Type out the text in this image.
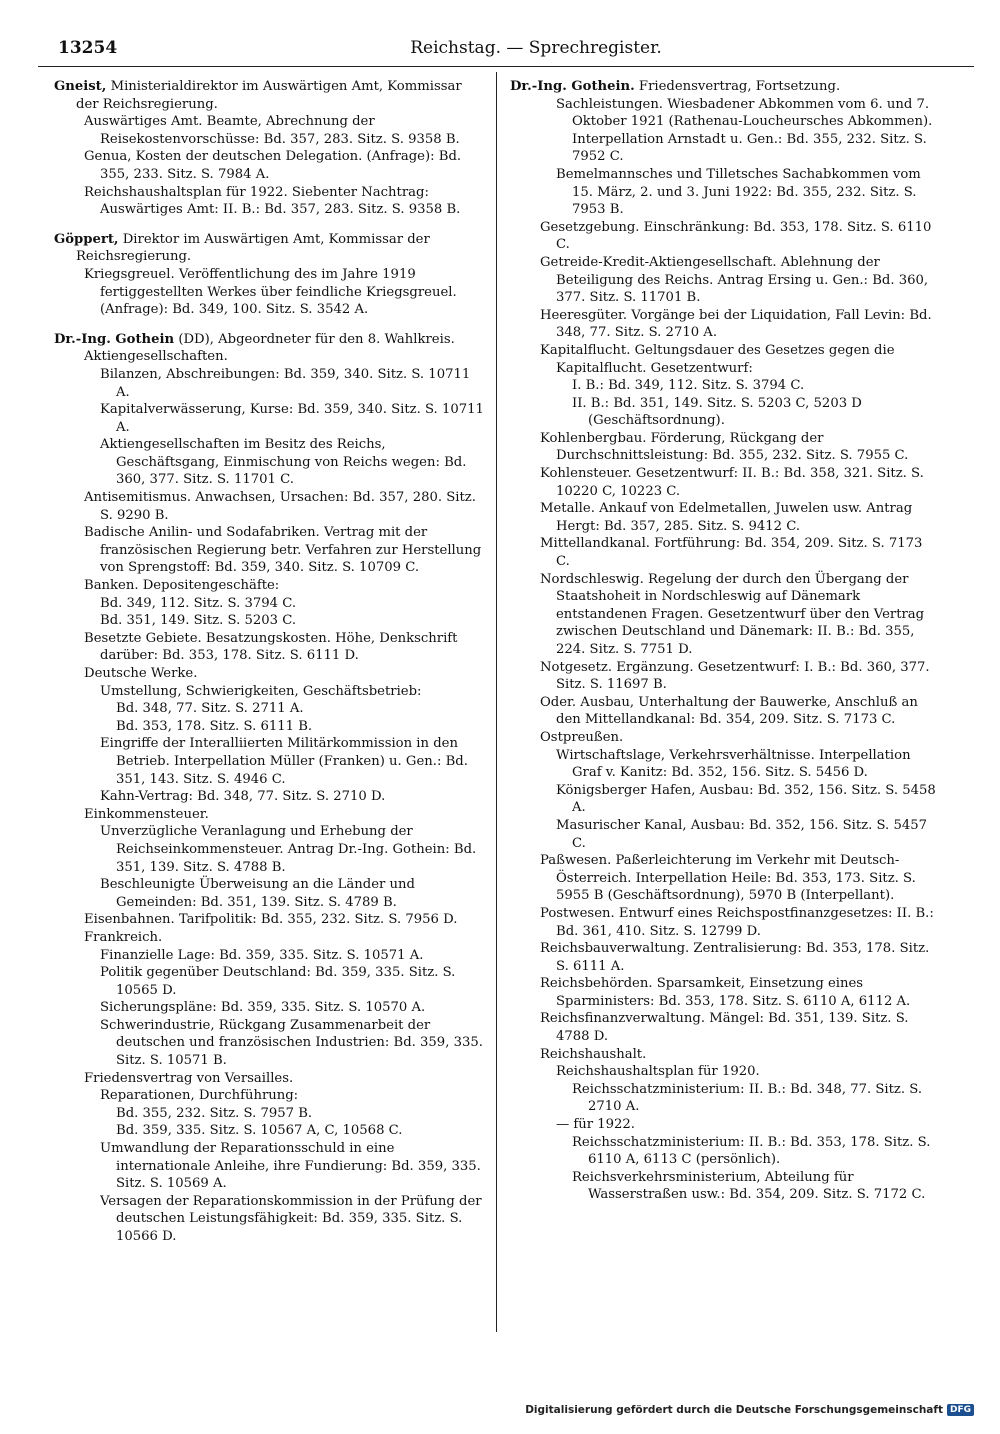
13254	Reichstag. — Sprechregister.

Gneist, Ministerialdirektor im Auswärtigen Amt, Kommissar der Reichsregierung.

Auswärtiges Amt. Beamte, Abrechnung der Reisekostenvorschüsse: Bd. 357, 283. Sitz. S. 9358 B.

Genua, Kosten der deutschen Delegation. (Anfrage): Bd. 355, 233. Sitz. S. 7984 A.

Reichshaushaltsplan für 1922. Siebenter Nachtrag: Auswärtiges Amt: II. B.: Bd. 357, 283. Sitz. S. 9358 B.

Göppert, Direktor im Auswärtigen Amt, Kommissar der Reichsregierung.

Kriegsgreuel. Veröffentlichung des im Jahre 1919 fertiggestellten Werkes über feindliche Kriegsgreuel. (Anfrage): Bd. 349, 100. Sitz. S. 3542 A.

Dr.-Ing. Gothein (DD), Abgeordneter für den 8. Wahlkreis.

Aktiengesellschaften.

Bilanzen, Abschreibungen: Bd. 359, 340. Sitz. S. 10711 A.

Kapitalverwässerung, Kurse: Bd. 359, 340. Sitz. S. 10711 A.

Aktiengesellschaften im Besitz des Reichs, Geschäftsgang, Einmischung von Reichs wegen: Bd. 360, 377. Sitz. S. 11701 C.

Antisemitismus. Anwachsen, Ursachen: Bd. 357, 280. Sitz. S. 9290 B.

Badische Anilin- und Sodafabriken. Vertrag mit der französischen Regierung betr. Verfahren zur Herstellung von Sprengstoff: Bd. 359, 340. Sitz. S. 10709 C.

Banken. Depositengeschäfte:

Bd. 349, 112. Sitz. S. 3794 C.

Bd. 351, 149. Sitz. S. 5203 C.

Besetzte Gebiete. Besatzungskosten. Höhe, Denkschrift darüber: Bd. 353, 178. Sitz. S. 6111 D.

Deutsche Werke.

Umstellung, Schwierigkeiten, Geschäftsbetrieb:

Bd. 348, 77. Sitz. S. 2711 A.

Bd. 353, 178. Sitz. S. 6111 B.

Eingriffe der Interalliierten Militärkommission in den Betrieb. Interpellation Müller (Franken) u. Gen.: Bd. 351, 143. Sitz. S. 4946 C.

Kahn-Vertrag: Bd. 348, 77. Sitz. S. 2710 D.

Einkommensteuer.

Unverzügliche Veranlagung und Erhebung der Reichseinkommensteuer. Antrag Dr.-Ing. Gothein: Bd. 351, 139. Sitz. S. 4788 B.

Beschleunigte Überweisung an die Länder und Gemeinden: Bd. 351, 139. Sitz. S. 4789 B.

Eisenbahnen. Tarifpolitik: Bd. 355, 232. Sitz. S. 7956 D.

Frankreich.

Finanzielle Lage: Bd. 359, 335. Sitz. S. 10571 A.

Politik gegenüber Deutschland: Bd. 359, 335. Sitz. S. 10565 D.

Sicherungspläne: Bd. 359, 335. Sitz. S. 10570 A.

Schwerindustrie, Rückgang Zusammenarbeit der deutschen und französischen Industrien: Bd. 359, 335. Sitz. S. 10571 B.

Friedensvertrag von Versailles.

Reparationen, Durchführung:

Bd. 355, 232. Sitz. S. 7957 B.

Bd. 359, 335. Sitz. S. 10567 A, C, 10568 C.

Umwandlung der Reparationsschuld in eine internationale Anleihe, ihre Fundierung: Bd. 359, 335. Sitz. S. 10569 A.

Versagen der Reparationskommission in der Prüfung der deutschen Leistungsfähigkeit: Bd. 359, 335. Sitz. S. 10566 D.

Dr.-Ing. Gothein. Friedensvertrag, Fortsetzung.

Sachleistungen. Wiesbadener Abkommen vom 6. und 7. Oktober 1921 (Rathenau-Loucheursches Abkommen). Interpellation Arnstadt u. Gen.: Bd. 355, 232. Sitz. S. 7952 C.

Bemelmannsches und Tilletsches Sachabkommen vom 15. März, 2. und 3. Juni 1922: Bd. 355, 232. Sitz. S. 7953 B.

Gesetzgebung. Einschränkung: Bd. 353, 178. Sitz. S. 6110 C.

Getreide-Kredit-Aktiengesellschaft. Ablehnung der Beteiligung des Reichs. Antrag Ersing u. Gen.: Bd. 360, 377. Sitz. S. 11701 B.

Heeresgüter. Vorgänge bei der Liquidation, Fall Levin: Bd. 348, 77. Sitz. S. 2710 A.

Kapitalflucht. Geltungsdauer des Gesetzes gegen die Kapitalflucht. Gesetzentwurf:

I. B.: Bd. 349, 112. Sitz. S. 3794 C.

II. B.: Bd. 351, 149. Sitz. S. 5203 C, 5203 D (Geschäftsordnung).

Kohlenbergbau. Förderung, Rückgang der Durchschnittsleistung: Bd. 355, 232. Sitz. S. 7955 C.

Kohlensteuer. Gesetzentwurf: II. B.: Bd. 358, 321. Sitz. S. 10220 C, 10223 C.

Metalle. Ankauf von Edelmetallen, Juwelen usw. Antrag Hergt: Bd. 357, 285. Sitz. S. 9412 C.

Mittellandkanal. Fortführung: Bd. 354, 209. Sitz. S. 7173 C.

Nordschleswig. Regelung der durch den Übergang der Staatshoheit in Nordschleswig auf Dänemark entstandenen Fragen. Gesetzentwurf über den Vertrag zwischen Deutschland und Dänemark: II. B.: Bd. 355, 224. Sitz. S. 7751 D.

Notgesetz. Ergänzung. Gesetzentwurf: I. B.: Bd. 360, 377. Sitz. S. 11697 B.

Oder. Ausbau, Unterhaltung der Bauwerke, Anschluß an den Mittellandkanal: Bd. 354, 209. Sitz. S. 7173 C.

Ostpreußen.

Wirtschaftslage, Verkehrsverhältnisse. Interpellation Graf v. Kanitz: Bd. 352, 156. Sitz. S. 5456 D.

Königsberger Hafen, Ausbau: Bd. 352, 156. Sitz. S. 5458 A.

Masurischer Kanal, Ausbau: Bd. 352, 156. Sitz. S. 5457 C.

Paßwesen. Paßerleichterung im Verkehr mit Deutsch-Österreich. Interpellation Heile: Bd. 353, 173. Sitz. S. 5955 B (Geschäftsordnung), 5970 B (Interpellant).

Postwesen. Entwurf eines Reichspostfinanzgesetzes: II. B.: Bd. 361, 410. Sitz. S. 12799 D.

Reichsbauverwaltung. Zentralisierung: Bd. 353, 178. Sitz. S. 6111 A.

Reichsbehörden. Sparsamkeit, Einsetzung eines Sparministers: Bd. 353, 178. Sitz. S. 6110 A, 6112 A.

Reichsfinanzverwaltung. Mängel: Bd. 351, 139. Sitz. S. 4788 D.

Reichshaushalt.

Reichshaushaltsplan für 1920.

Reichsschatzministerium: II. B.: Bd. 348, 77. Sitz. S. 2710 A.

— für 1922.

Reichsschatzministerium: II. B.: Bd. 353, 178. Sitz. S. 6110 A, 6113 C (persönlich).

Reichsverkehrsministerium, Abteilung für Wasserstraßen usw.: Bd. 354, 209. Sitz. S. 7172 C.

Digitalisierung gefördert durch die Deutsche Forschungsgemeinschaft DFG
